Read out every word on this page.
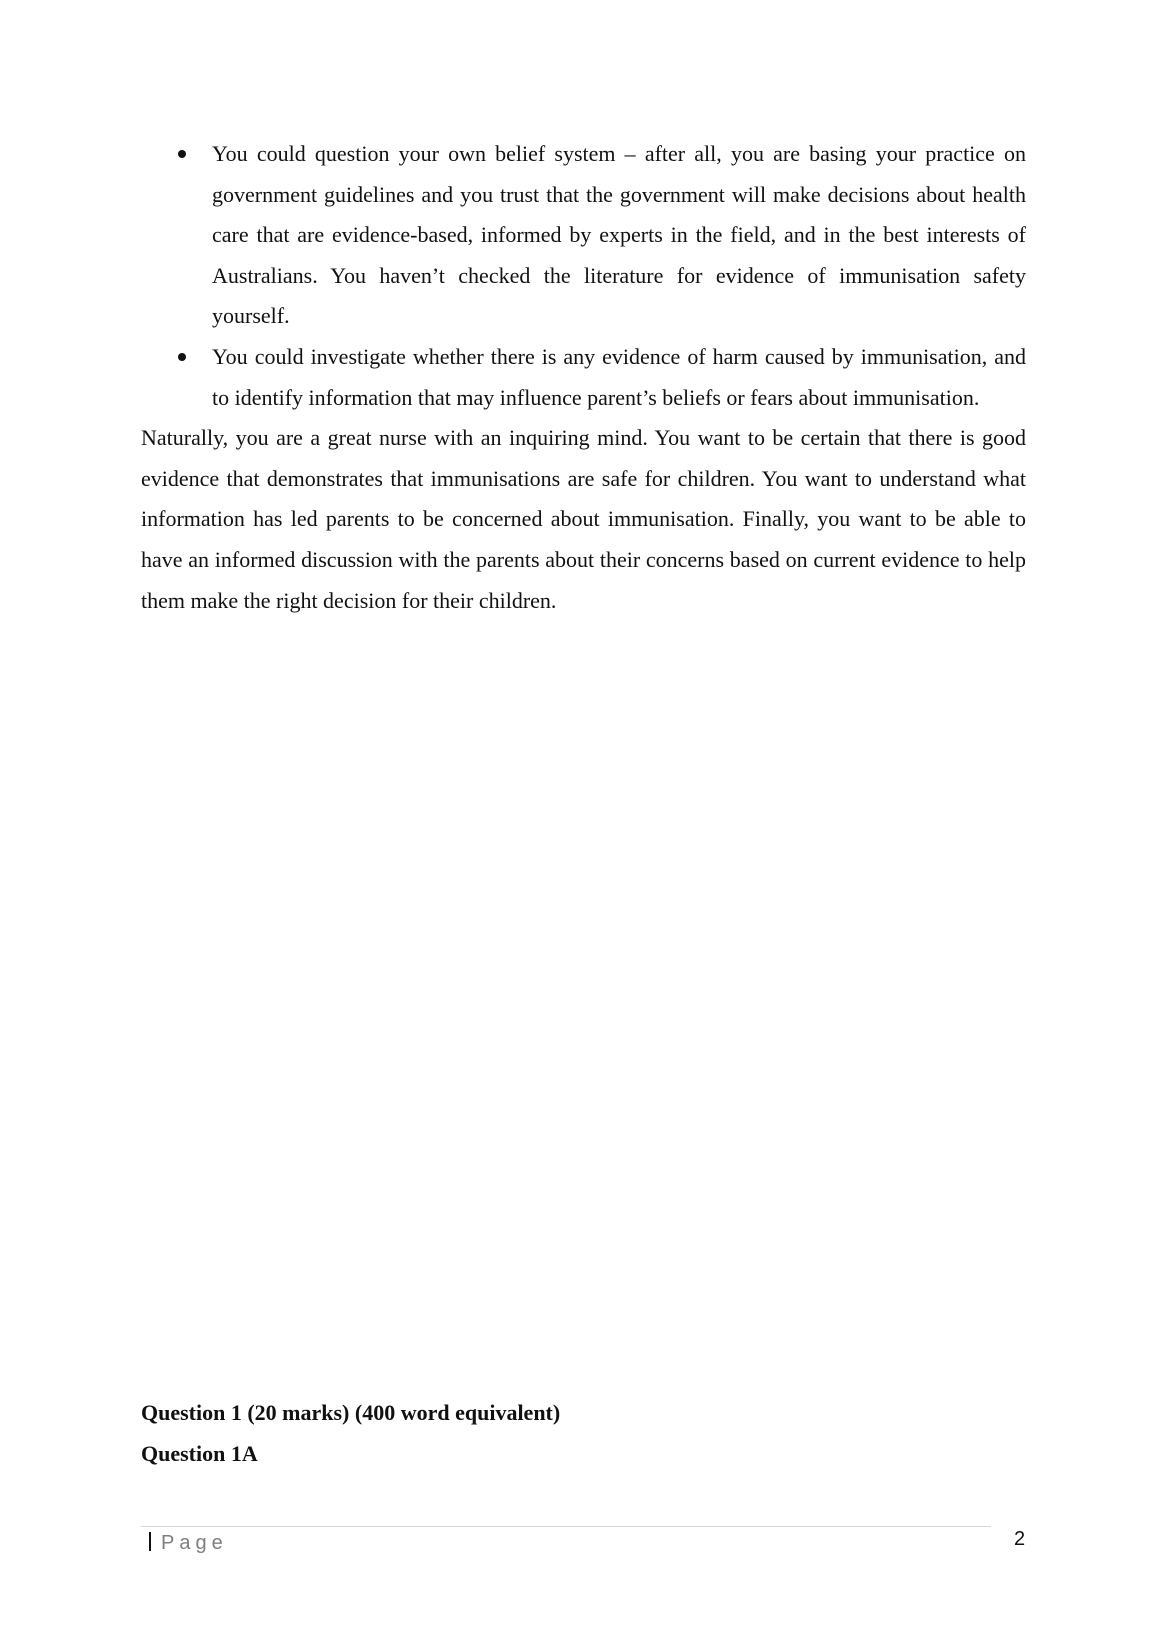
You could question your own belief system – after all, you are basing your practice on government guidelines and you trust that the government will make decisions about health care that are evidence-based, informed by experts in the field, and in the best interests of Australians. You haven’t checked the literature for evidence of immunisation safety yourself.
You could investigate whether there is any evidence of harm caused by immunisation, and to identify information that may influence parent’s beliefs or fears about immunisation.

Naturally, you are a great nurse with an inquiring mind. You want to be certain that there is good evidence that demonstrates that immunisations are safe for children. You want to understand what information has led parents to be concerned about immunisation. Finally, you want to be able to have an informed discussion with the parents about their concerns based on current evidence to help them make the right decision for their children.

Question 1 (20 marks) (400 word equivalent)

Question 1A

Page	2
